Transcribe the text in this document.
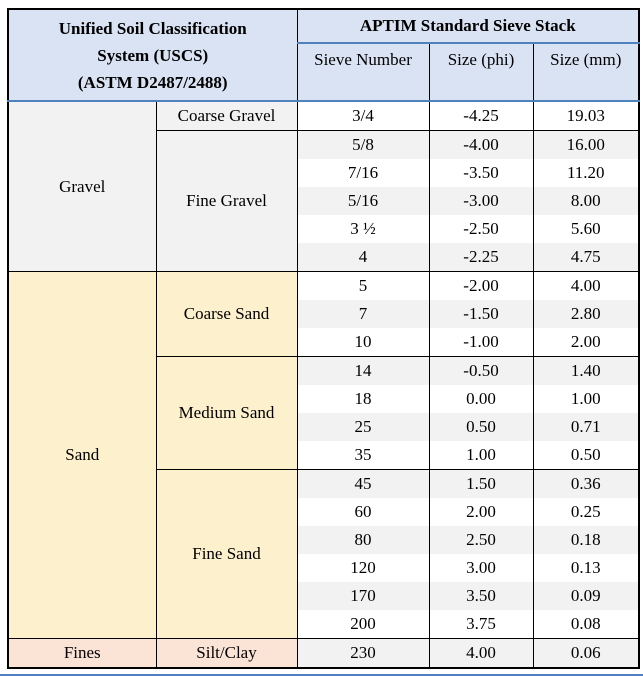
Unified Soil Classification
System (USCS)
(ASTM D2487/2488)		APTIM Standard Sieve Stack		
		Sieve Number	Size (phi)	Size (mm)
Gravel	Coarse Gravel	3/4	-4.25	19.03
	Fine Gravel	5/8	-4.00	16.00
		7/16	-3.50	11.20
		5/16	-3.00	8.00
		3 ½	-2.50	5.60
		4	-2.25	4.75
Sand	Coarse Sand	5	-2.00	4.00
		7	-1.50	2.80
		10	-1.00	2.00
	Medium Sand	14	-0.50	1.40
		18	0.00	1.00
		25	0.50	0.71
		35	1.00	0.50
	Fine Sand	45	1.50	0.36
		60	2.00	0.25
		80	2.50	0.18
		120	3.00	0.13
		170	3.50	0.09
		200	3.75	0.08
Fines	Silt/Clay	230	4.00	0.06
